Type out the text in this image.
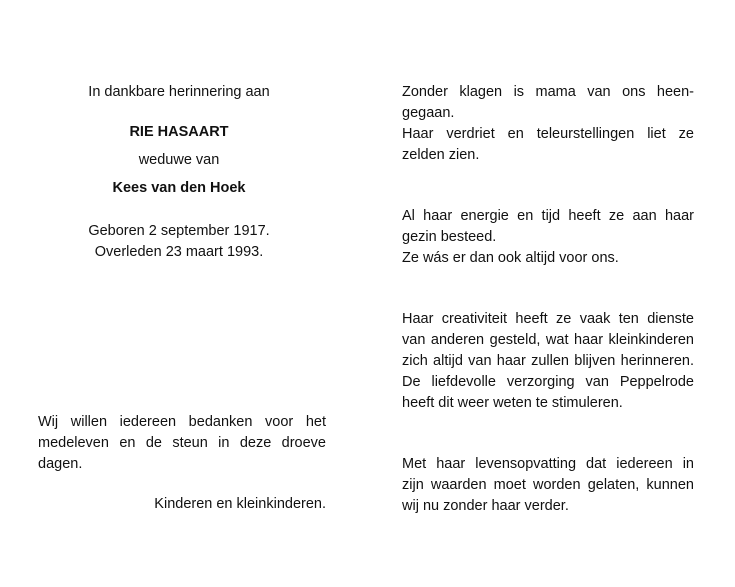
In dankbare herinnering aan
RIE HASAART
weduwe van
Kees van den Hoek
Geboren 2 september 1917.
Overleden 23 maart 1993.
Wij willen iedereen bedanken voor het
medeleven en de steun in deze droeve
dagen.
Kinderen en kleinkinderen.
Zonder klagen is mama van ons heen-
gegaan.
Haar verdriet en teleurstellingen liet ze
zelden zien.
Al haar energie en tijd heeft ze aan haar
gezin besteed.
Ze wás er dan ook altijd voor ons.
Haar creativiteit heeft ze vaak ten dienste
van anderen gesteld, wat haar kleinkinderen
zich altijd van haar zullen blijven herinneren.
De liefdevolle verzorging van Peppelrode
heeft dit weer weten te stimuleren.
Met haar levensopvatting dat iedereen in
zijn waarden moet worden gelaten, kunnen
wij nu zonder haar verder.
